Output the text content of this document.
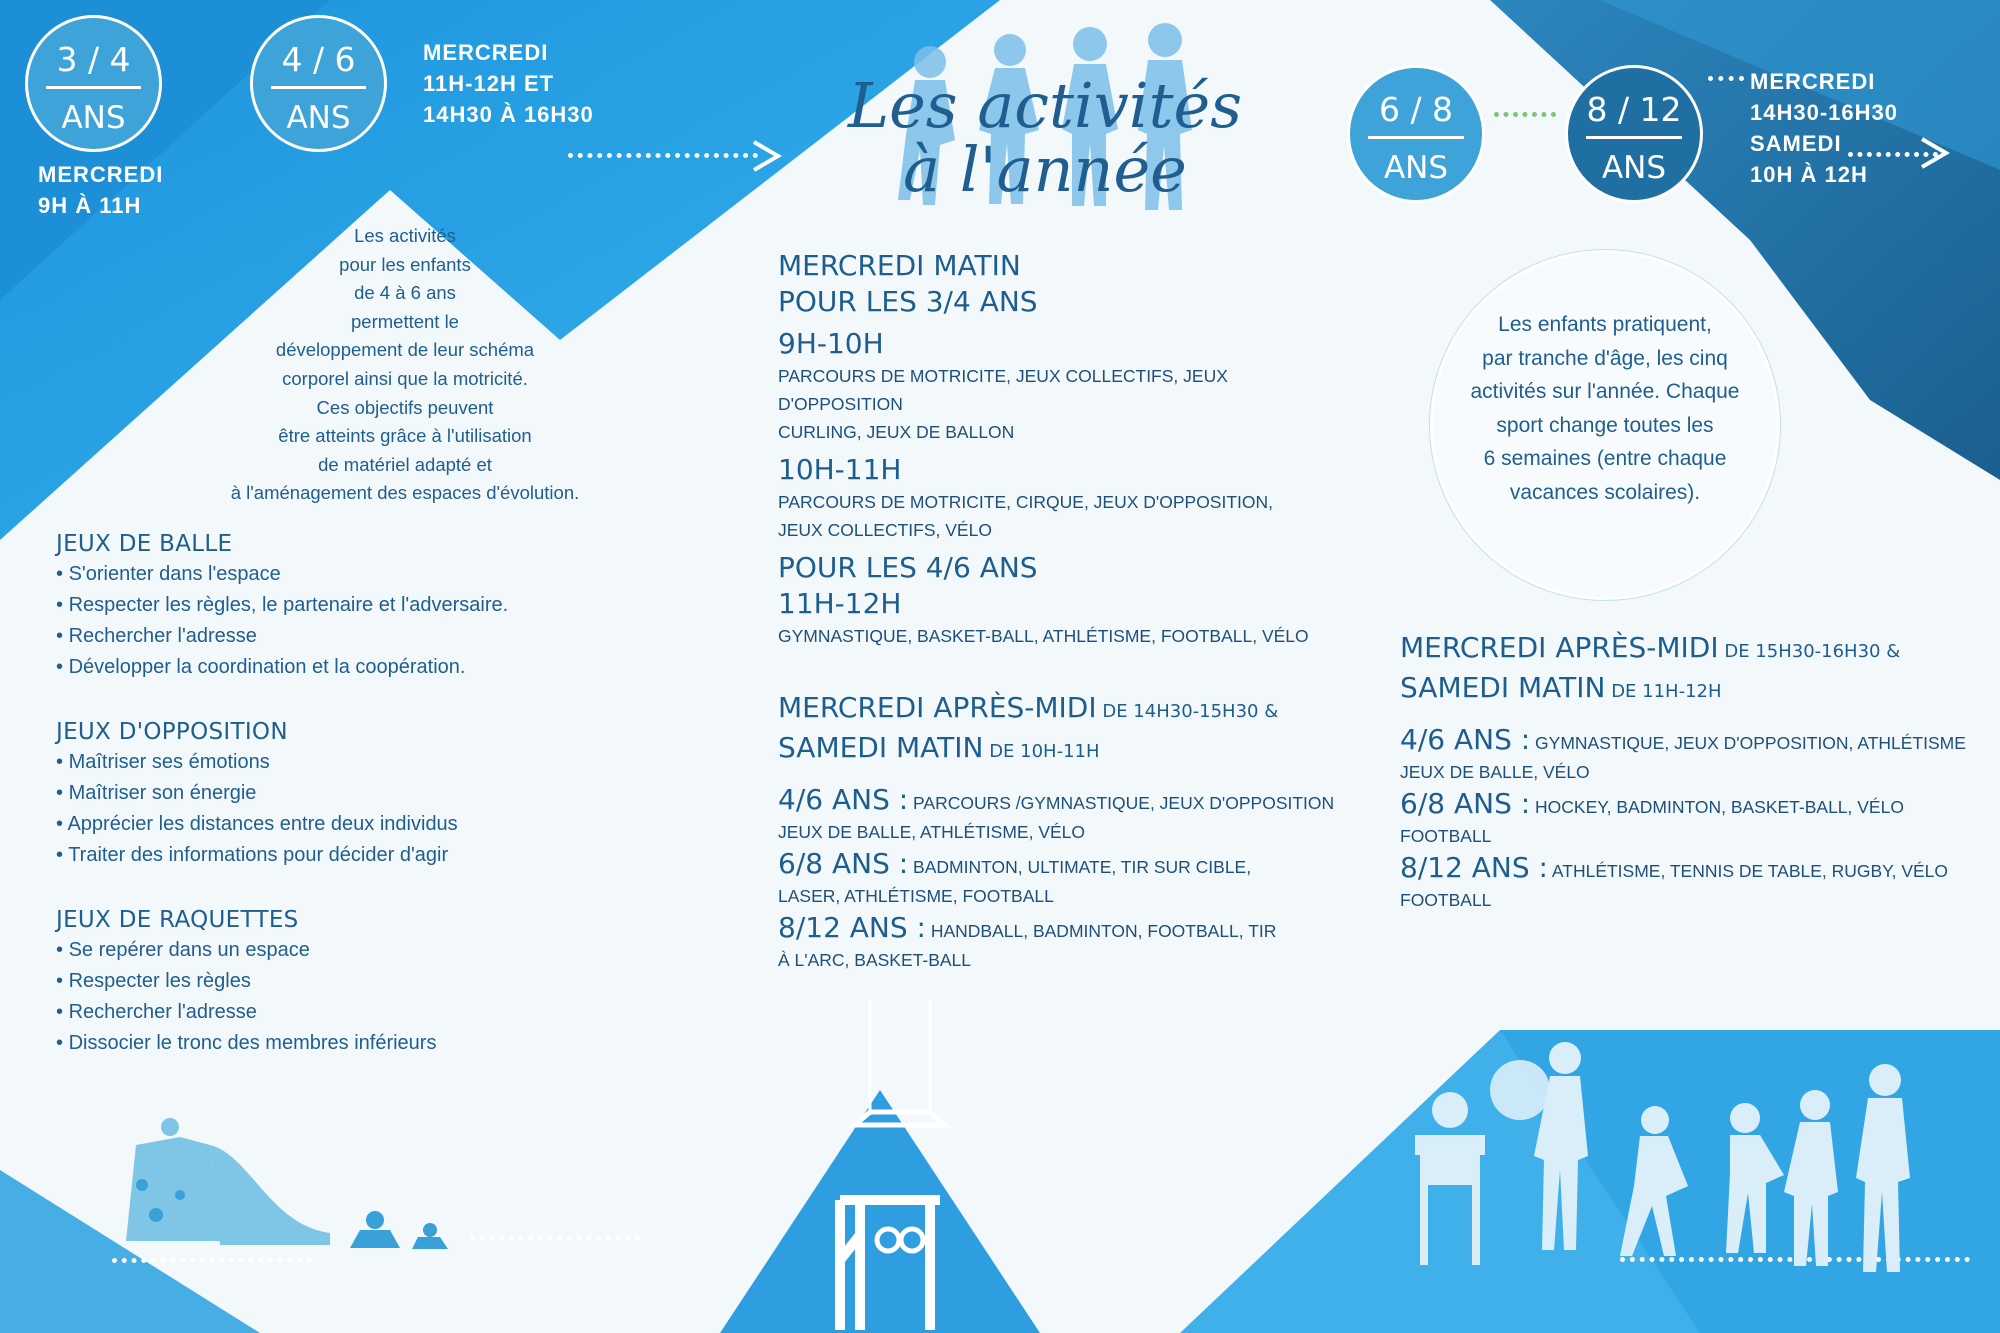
3 / 4
ANS
4 / 6
ANS	6 / 8
ANS
8 / 12
ANS
MERCREDI
9H À 11H
MERCREDI
11H-12H ET
14H30 À 16H30
MERCREDI
14H30-16H30
SAMEDI
10H À 12H
Les activités
à l'année
Les activités
pour les enfants
de 4 à 6 ans
permettent le
développement de leur schéma
corporel ainsi que la motricité.
Ces objectifs peuvent
être atteints grâce à l'utilisation
de matériel adapté et
à l'aménagement des espaces d'évolution.
JEUX DE BALLE
• S'orienter dans l'espace
• Respecter les règles, le partenaire et l'adversaire.
• Rechercher l'adresse
• Développer la coordination et la coopération.
JEUX D'OPPOSITION
• Maîtriser ses émotions
• Maîtriser son énergie
• Apprécier les distances entre deux individus
• Traiter des informations pour décider d'agir
JEUX DE RAQUETTES
• Se repérer dans un espace
• Respecter les règles
• Rechercher l'adresse
• Dissocier le tronc des membres inférieurs
MERCREDI MATIN
POUR LES 3/4 ANS
9H-10H
PARCOURS DE MOTRICITE, JEUX COLLECTIFS, JEUX D'OPPOSITION
CURLING, JEUX DE BALLON
10H-11H
PARCOURS DE MOTRICITE, CIRQUE, JEUX D'OPPOSITION,
JEUX COLLECTIFS, VÉLO
POUR LES 4/6 ANS
11H-12H
GYMNASTIQUE, BASKET-BALL, ATHLÉTISME, FOOTBALL, VÉLO
MERCREDI APRÈS-MIDI DE 14H30-15H30 &
SAMEDI MATIN DE 10H-11H
4/6 ANS : PARCOURS /GYMNASTIQUE, JEUX D'OPPOSITION
JEUX DE BALLE, ATHLÉTISME, VÉLO
6/8 ANS : BADMINTON, ULTIMATE, TIR SUR CIBLE,
LASER, ATHLÉTISME, FOOTBALL
8/12 ANS : HANDBALL, BADMINTON, FOOTBALL, TIR
À L'ARC, BASKET-BALL
Les enfants pratiquent,
par tranche d'âge, les cinq
activités sur l'année. Chaque
sport change toutes les
6 semaines (entre chaque
vacances scolaires).
MERCREDI APRÈS-MIDI DE 15H30-16H30 &
SAMEDI MATIN DE 11H-12H
4/6 ANS : GYMNASTIQUE, JEUX D'OPPOSITION, ATHLÉTISME
JEUX DE BALLE, VÉLO
6/8 ANS : HOCKEY, BADMINTON, BASKET-BALL, VÉLO
FOOTBALL
8/12 ANS : ATHLÉTISME, TENNIS DE TABLE, RUGBY, VÉLO
FOOTBALL
